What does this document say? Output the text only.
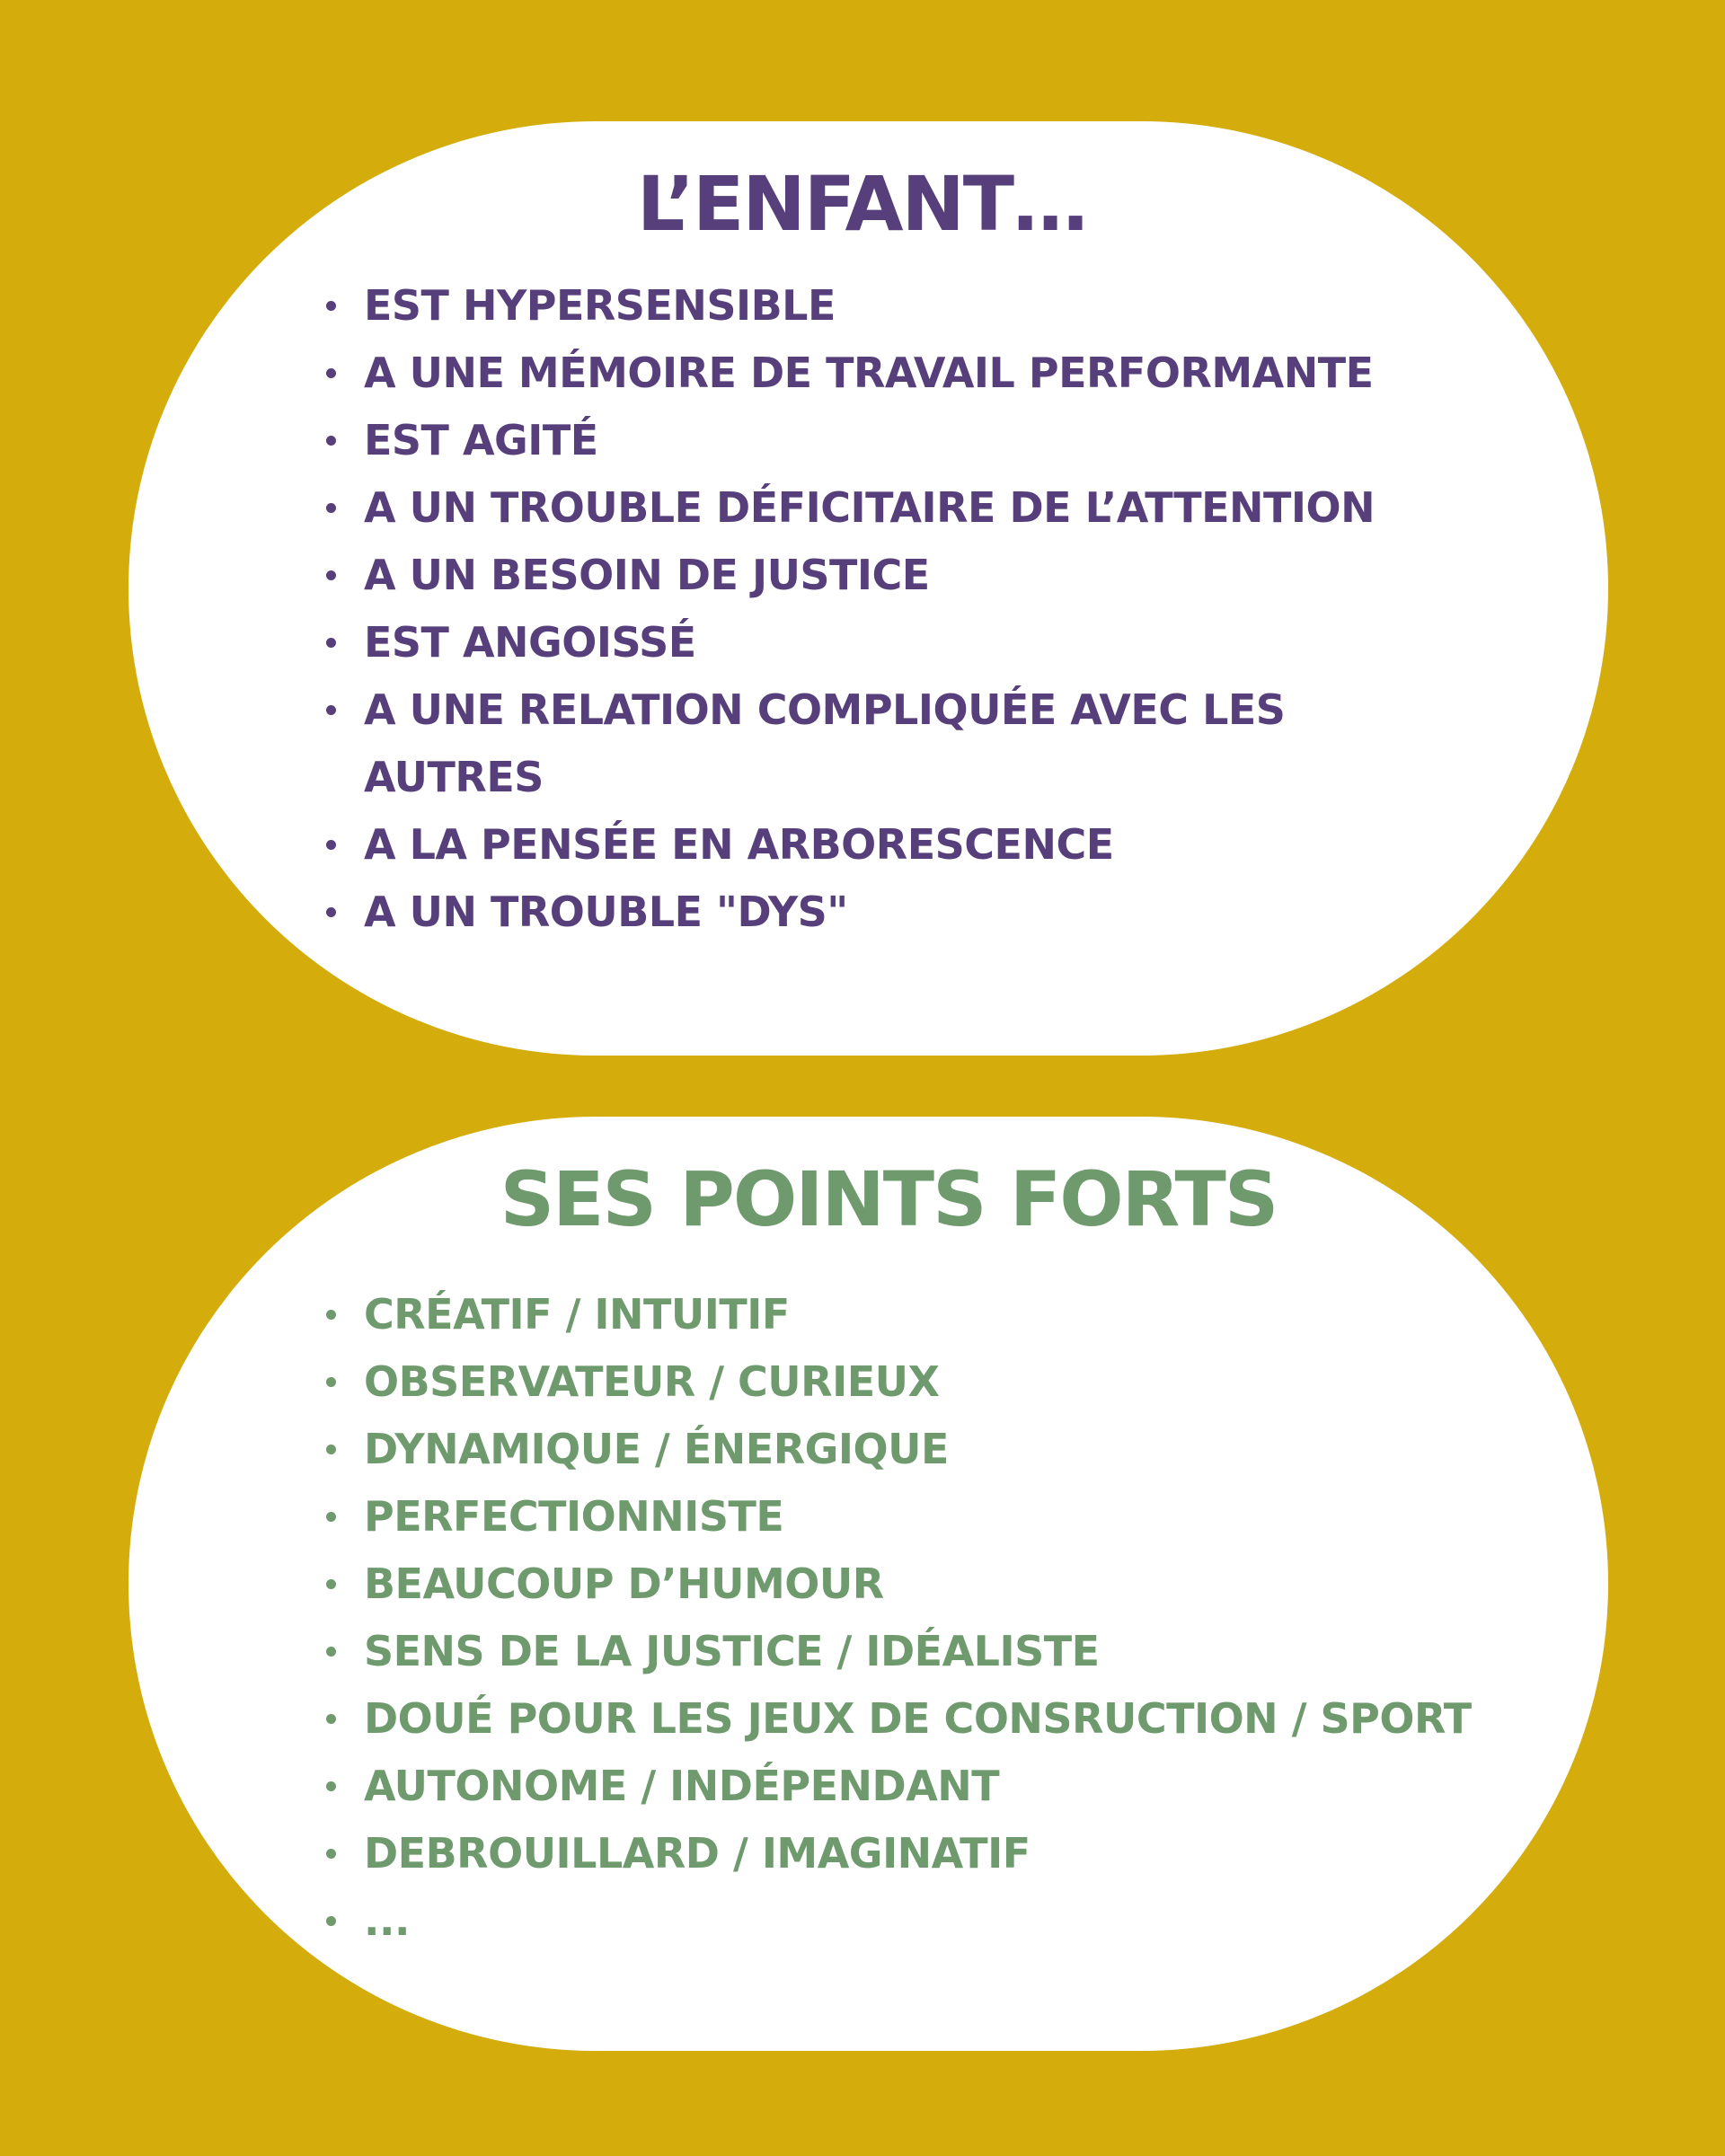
L’ENFANT…
EST HYPERSENSIBLE
A UNE MÉMOIRE DE TRAVAIL PERFORMANTE
EST AGITÉ
A UN TROUBLE DÉFICITAIRE DE L’ATTENTION
A UN BESOIN DE JUSTICE
EST ANGOISSÉ
A UNE RELATION COMPLIQUÉE AVEC LES AUTRES
A LA PENSÉE EN ARBORESCENCE
A UN TROUBLE "DYS"
SES POINTS FORTS
CRÉATIF / INTUITIF
OBSERVATEUR / CURIEUX
DYNAMIQUE / ÉNERGIQUE
PERFECTIONNISTE
BEAUCOUP D’HUMOUR
SENS DE LA JUSTICE / IDÉALISTE
DOUÉ POUR LES JEUX DE CONSRUCTION / SPORT
AUTONOME / INDÉPENDANT
DEBROUILLARD / IMAGINATIF
...
